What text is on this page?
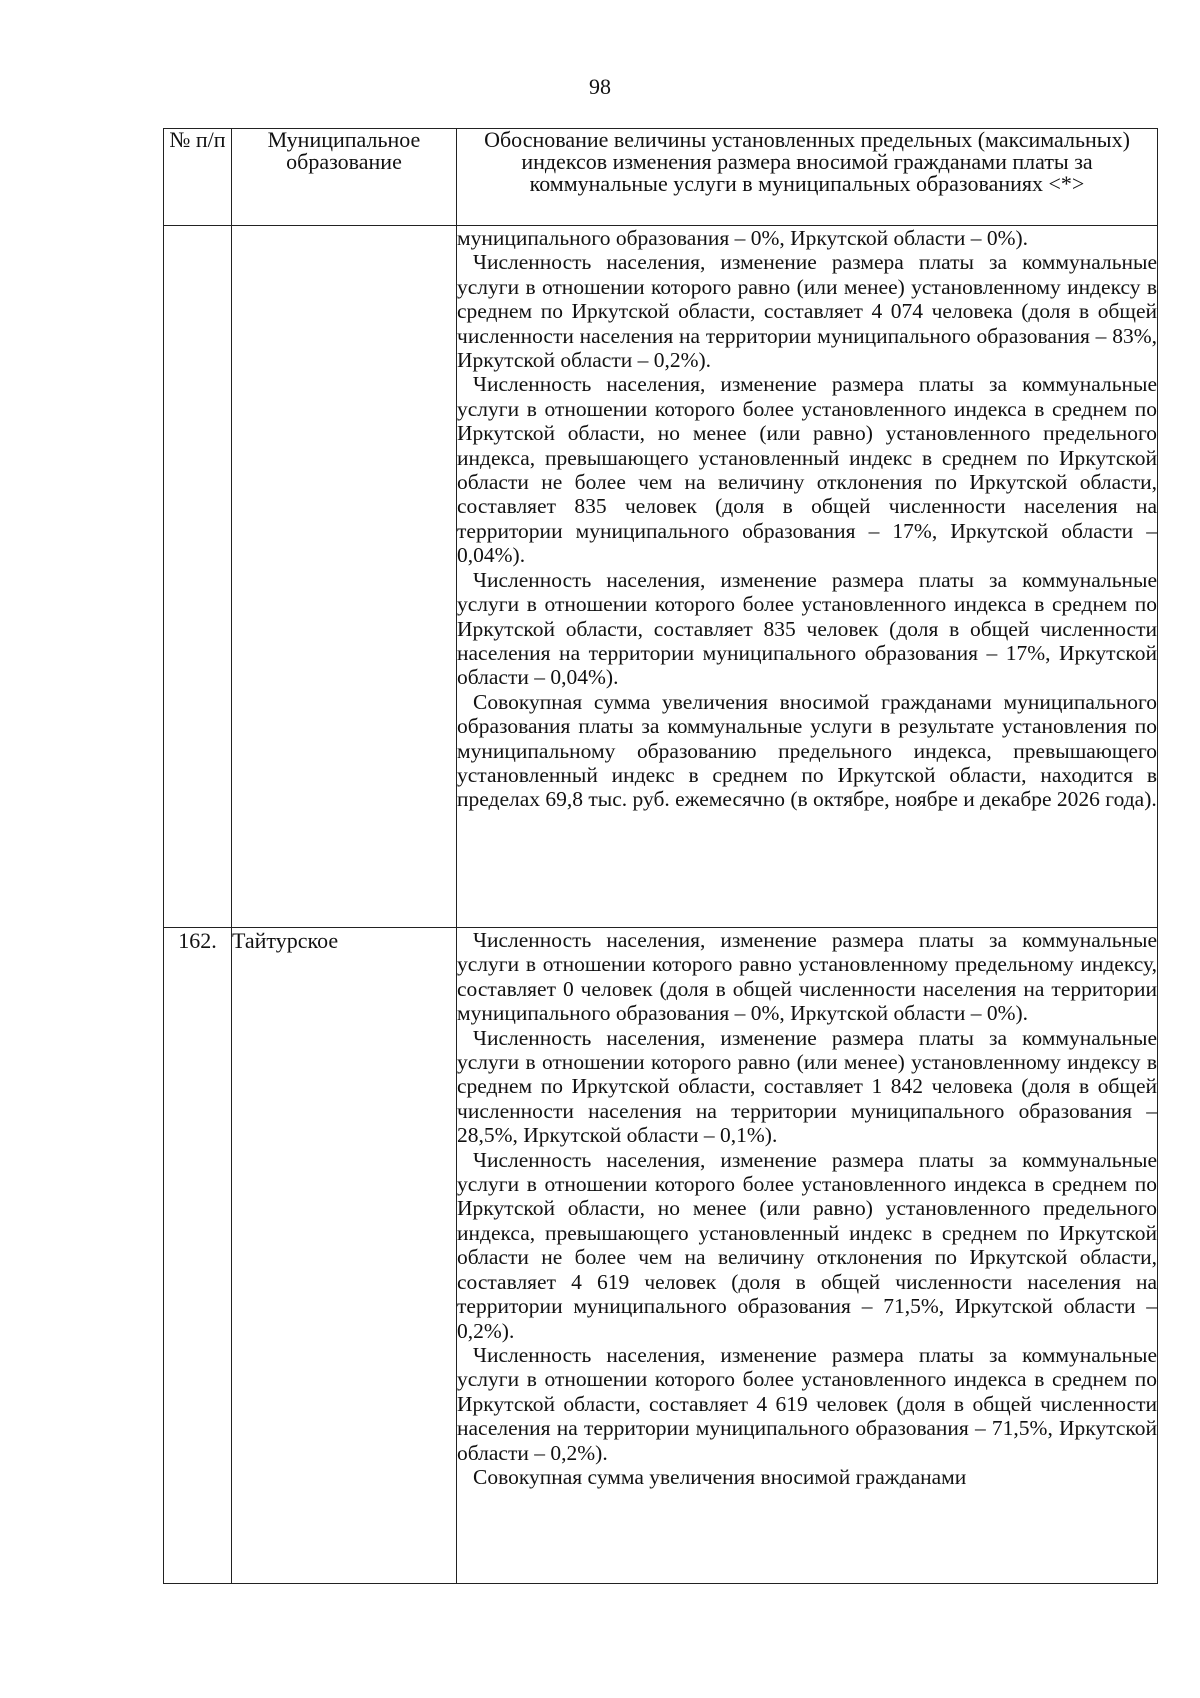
98
№ п/п	Муниципальное образование	Обоснование величины установленных предельных (максимальных) индексов изменения размера вносимой гражданами платы за коммунальные услуги в муниципальных образованиях <*>

		муниципального образования – 0%, Иркутской области – 0%).

Численность населения, изменение размера платы за коммунальные услуги в отношении которого равно (или менее) установленному индексу в среднем по Иркутской области, составляет 4 074 человека (доля в общей численности населения на территории муниципального образования – 83%, Иркутской области – 0,2%).

Численность населения, изменение размера платы за коммунальные услуги в отношении которого более установленного индекса в среднем по Иркутской области, но менее (или равно) установленного предельного индекса, превышающего установленный индекс в среднем по Иркутской области не более чем на величину отклонения по Иркутской области, составляет 835 человек (доля в общей численности населения на территории муниципального образования – 17%, Иркутской области – 0,04%).

Численность населения, изменение размера платы за коммунальные услуги в отношении которого более установленного индекса в среднем по Иркутской области, составляет 835 человек (доля в общей численности населения на территории муниципального образования – 17%, Иркутской области – 0,04%).

Совокупная сумма увеличения вносимой гражданами муниципального образования платы за коммунальные услуги в результате установления по муниципальному образованию предельного индекса, превышающего установленный индекс в среднем по Иркутской области, находится в пределах 69,8 тыс. руб. ежемесячно (в октябре, ноябре и декабре 2026 года).

162.	Тайтурское	Численность населения, изменение размера платы за коммунальные услуги в отношении которого равно установленному предельному индексу, составляет 0 человек (доля в общей численности населения на территории муниципального образования – 0%, Иркутской области – 0%).

Численность населения, изменение размера платы за коммунальные услуги в отношении которого равно (или менее) установленному индексу в среднем по Иркутской области, составляет 1 842 человека (доля в общей численности населения на территории муниципального образования – 28,5%, Иркутской области – 0,1%).

Численность населения, изменение размера платы за коммунальные услуги в отношении которого более установленного индекса в среднем по Иркутской области, но менее (или равно) установленного предельного индекса, превышающего установленный индекс в среднем по Иркутской области не более чем на величину отклонения по Иркутской области, составляет 4 619 человек (доля в общей численности населения на территории муниципального образования – 71,5%, Иркутской области – 0,2%).

Численность населения, изменение размера платы за коммунальные услуги в отношении которого более установленного индекса в среднем по Иркутской области, составляет 4 619 человек (доля в общей численности населения на территории муниципального образования – 71,5%, Иркутской области – 0,2%).

Совокупная сумма увеличения вносимой гражданами
